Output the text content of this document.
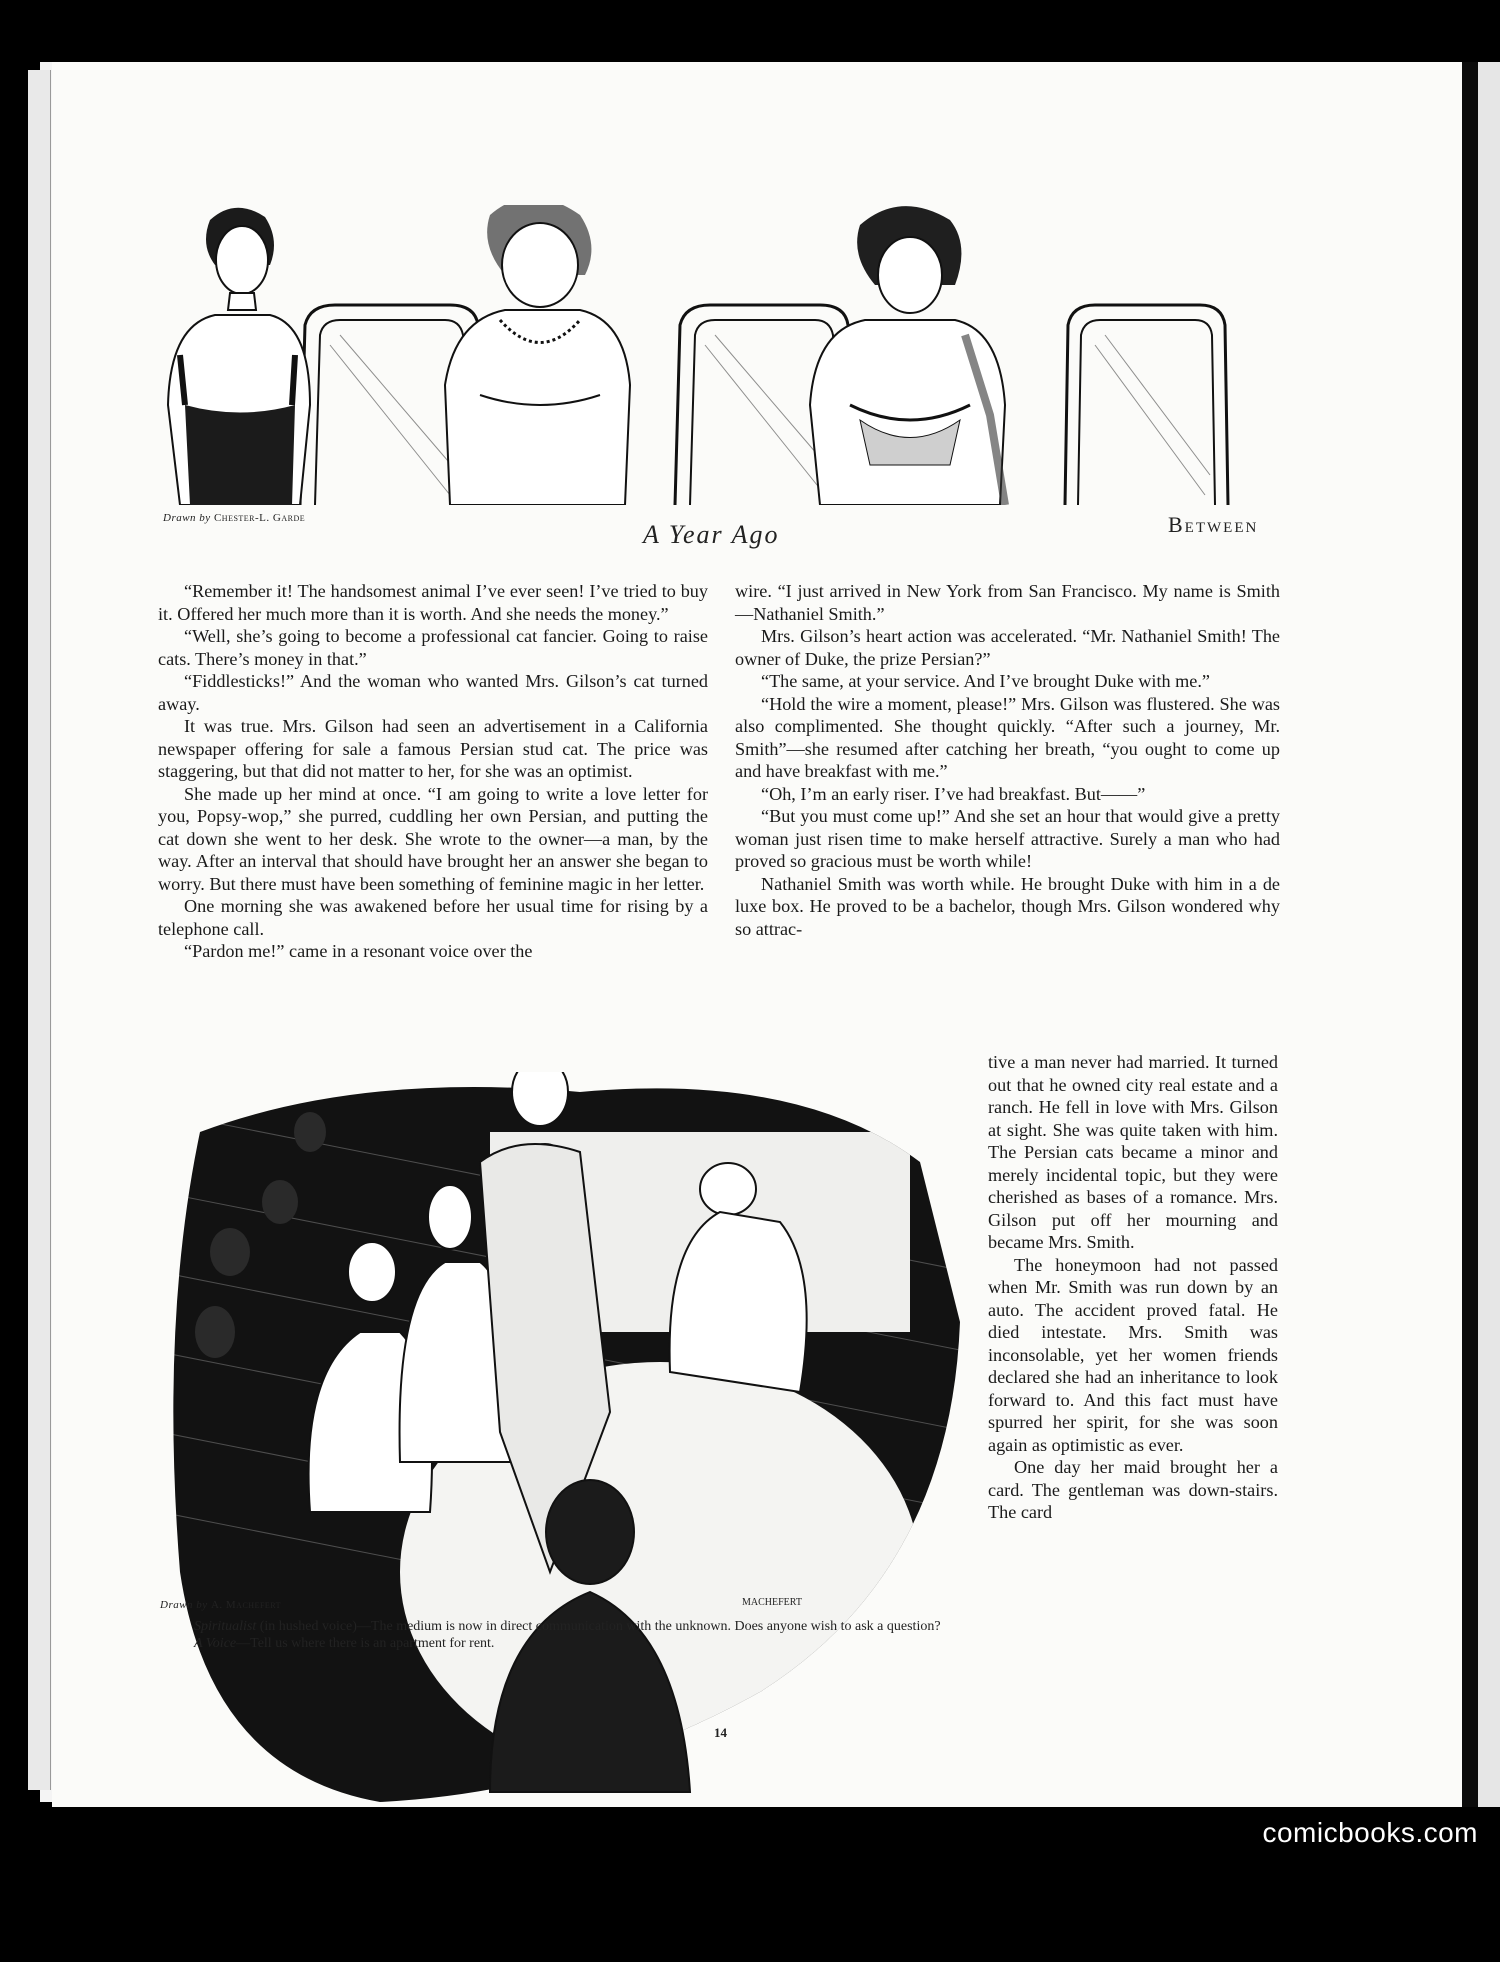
Drawn by Chester-L. Garde
A Year Ago	Between

“Remember it! The handsomest animal I’ve ever seen! I’ve tried to buy it. Offered her much more than it is worth. And she needs the money.”

“Well, she’s going to become a professional cat fancier. Going to raise cats. There’s money in that.”

“Fiddlesticks!” And the woman who wanted Mrs. Gilson’s cat turned away.

It was true. Mrs. Gilson had seen an advertisement in a California newspaper offering for sale a famous Persian stud cat. The price was staggering, but that did not matter to her, for she was an optimist.

She made up her mind at once. “I am going to write a love letter for you, Popsy-wop,” she purred, cuddling her own Persian, and putting the cat down she went to her desk. She wrote to the owner—a man, by the way. After an interval that should have brought her an answer she began to worry. But there must have been something of feminine magic in her letter.

One morning she was awakened before her usual time for rising by a telephone call.

“Pardon me!” came in a resonant voice over the

wire. “I just arrived in New York from San Francisco. My name is Smith—Nathaniel Smith.”

Mrs. Gilson’s heart action was accelerated. “Mr. Nathaniel Smith! The owner of Duke, the prize Persian?”

“The same, at your service. And I’ve brought Duke with me.”

“Hold the wire a moment, please!” Mrs. Gilson was flustered. She was also complimented. She thought quickly. “After such a journey, Mr. Smith”—she resumed after catching her breath, “you ought to come up and have breakfast with me.”

“Oh, I’m an early riser. I’ve had breakfast. But——”

“But you must come up!” And she set an hour that would give a pretty woman just risen time to make herself attractive. Surely a man who had proved so gracious must be worth while!

Nathaniel Smith was worth while. He brought Duke with him in a de luxe box. He proved to be a bachelor, though Mrs. Gilson wondered why so attrac-

tive a man never had married. It turned out that he owned city real estate and a ranch. He fell in love with Mrs. Gilson at sight. She was quite taken with him. The Persian cats became a minor and merely incidental topic, but they were cherished as bases of a romance. Mrs. Gilson put off her mourning and became Mrs. Smith.

The honeymoon had not passed when Mr. Smith was run down by an auto. The accident proved fatal. He died intestate. Mrs. Smith was inconsolable, yet her women friends declared she had an inheritance to look forward to. And this fact must have spurred her spirit, for she was soon again as optimistic as ever.

One day her maid brought her a card. The gentleman was down-stairs. The card

MACHEFERT
Drawn by A. Machefert

Spiritualist (in hushed voice)—The medium is now in direct communication with the unknown. Does anyone wish to ask a question?

A Voice—Tell us where there is an apartment for rent.

14
comicbooks.com
